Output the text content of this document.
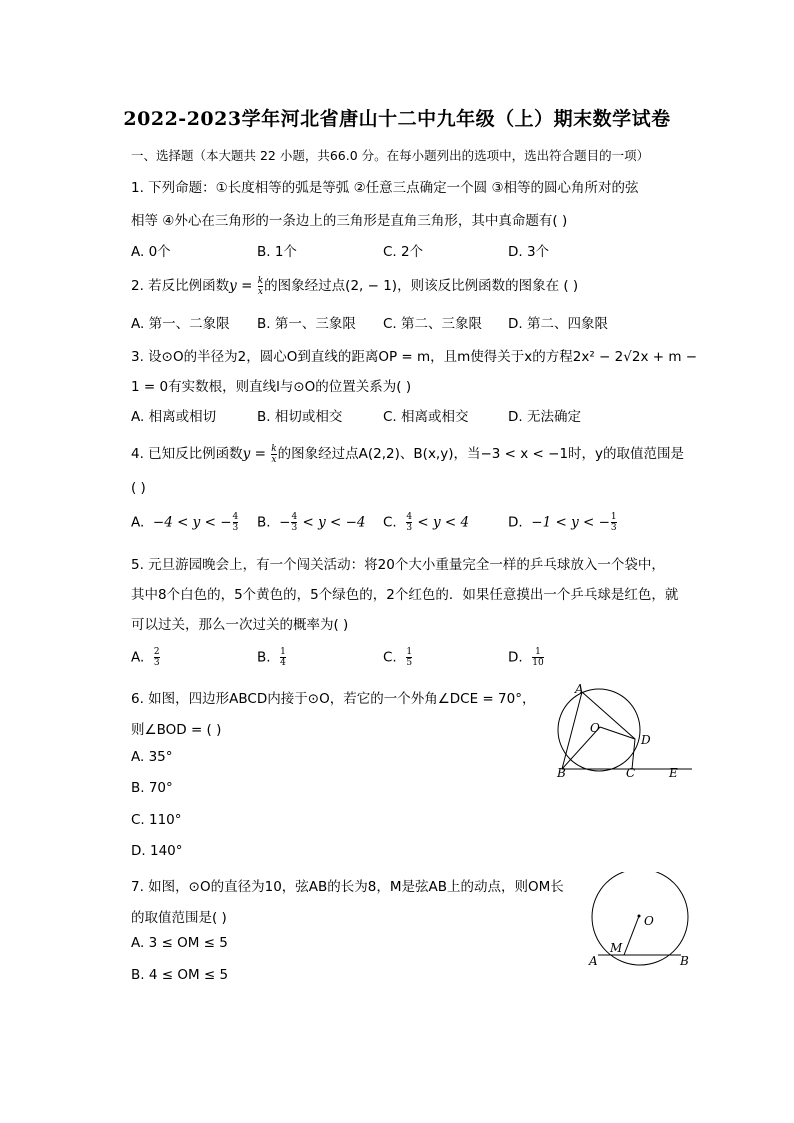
2022-2023学年河北省唐山十二中九年级（上）期末数学试卷
一、选择题（本大题共 22 小题，共66.0 分。在每小题列出的选项中，选出符合题目的一项）
1. 下列命题：①长度相等的弧是等弧 ②任意三点确定一个圆 ③相等的圆心角所对的弦
相等 ④外心在三角形的一条边上的三角形是直角三角形，其中真命题有( )
A. 0个	B. 1个	C. 2个	D. 3个
2. 若反比例函数$y = \frac{k}{x}$ 的图象经过点(2, − 1)，则该反比例函数的图象在 ( )
A. 第一、二象限 B. 第一、三象限 C. 第二、三象限 D. 第二、四象限
3. 设⊙O的半径为2，圆心O到直线的距离OP = m，且m使得关于x的方程2x² − 2√2x + m −
1 = 0有实数根，则直线l与⊙O的位置关系为( )
A. 相离或相切	B. 相切或相交	C. 相离或相交	D. 无法确定
4. 已知反比例函数$y = \frac{k}{x}$ 的图象经过点A(2,2)、B(x,y)，当−3 < x < −1时，y的取值范围是
( )
A. −4 < y < − $\frac{4}{3} B$. − $\frac{4}{3} < y < -4$ C. $\frac{4}{3} < y < 4$	D. −1 < y < − $\frac{1}{3}$
5. 元旦游园晚会上，有一个闯关活动：将20个大小重量完全一样的乒乓球放入一个袋中，
其中8个白色的，5个黄色的，5个绿色的，2个红色的．如果任意摸出一个乒乓球是红色，就
可以过关，那么一次过关的概率为( )
A. $\frac{2}{3}$	B. $\frac{1}{4}$	C. $\frac{1}{5}$	D. $\frac{1}{10}$
6. 如图，四边形ABCD内接于⊙O，若它的一个外角∠DCE = 70°，
则∠BOD = ( )
A. 35°
B. 70°
C. 110°
D. 140°
A
O
D
B	C	E
7. 如图，⊙O的直径为10，弦AB的长为8，M是弦AB上的动点，则OM长
的取值范围是( )
A. 3 ≤ OM ≤ 5
B. 4 ≤ OM ≤ 5
O
M
A	B
